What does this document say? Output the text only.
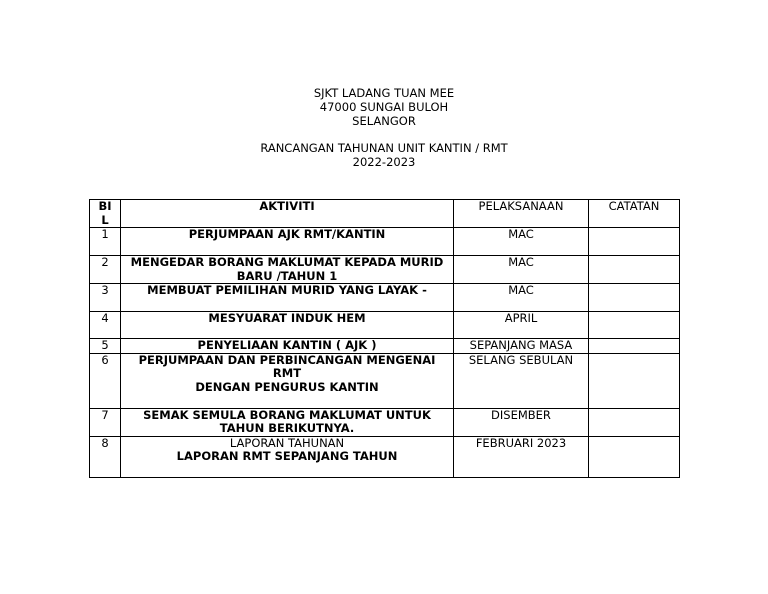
SJKT LADANG TUAN MEE
47000 SUNGAI BULOH
SELANGOR
RANCANGAN TAHUNAN UNIT KANTIN / RMT
2022-2023
BI
L	AKTIVITI	PELAKSANAAN	CATATAN
1	PERJUMPAAN AJK RMT/KANTIN	MAC	
2	MENGEDAR BORANG MAKLUMAT KEPADA MURID BARU /TAHUN 1	MAC	
3	MEMBUAT PEMILIHAN MURID YANG LAYAK -	MAC	
4	MESYUARAT INDUK HEM	APRIL	
5	PENYELIAAN KANTIN ( AJK )	SEPANJANG MASA	
6	PERJUMPAAN DAN PERBINCANGAN MENGENAI RMT
DENGAN PENGURUS KANTIN	SELANG SEBULAN	
7	SEMAK SEMULA BORANG MAKLUMAT UNTUK TAHUN BERIKUTNYA.	DISEMBER	
8	LAPORAN TAHUNAN
LAPORAN RMT SEPANJANG TAHUN	FEBRUARI 2023	
